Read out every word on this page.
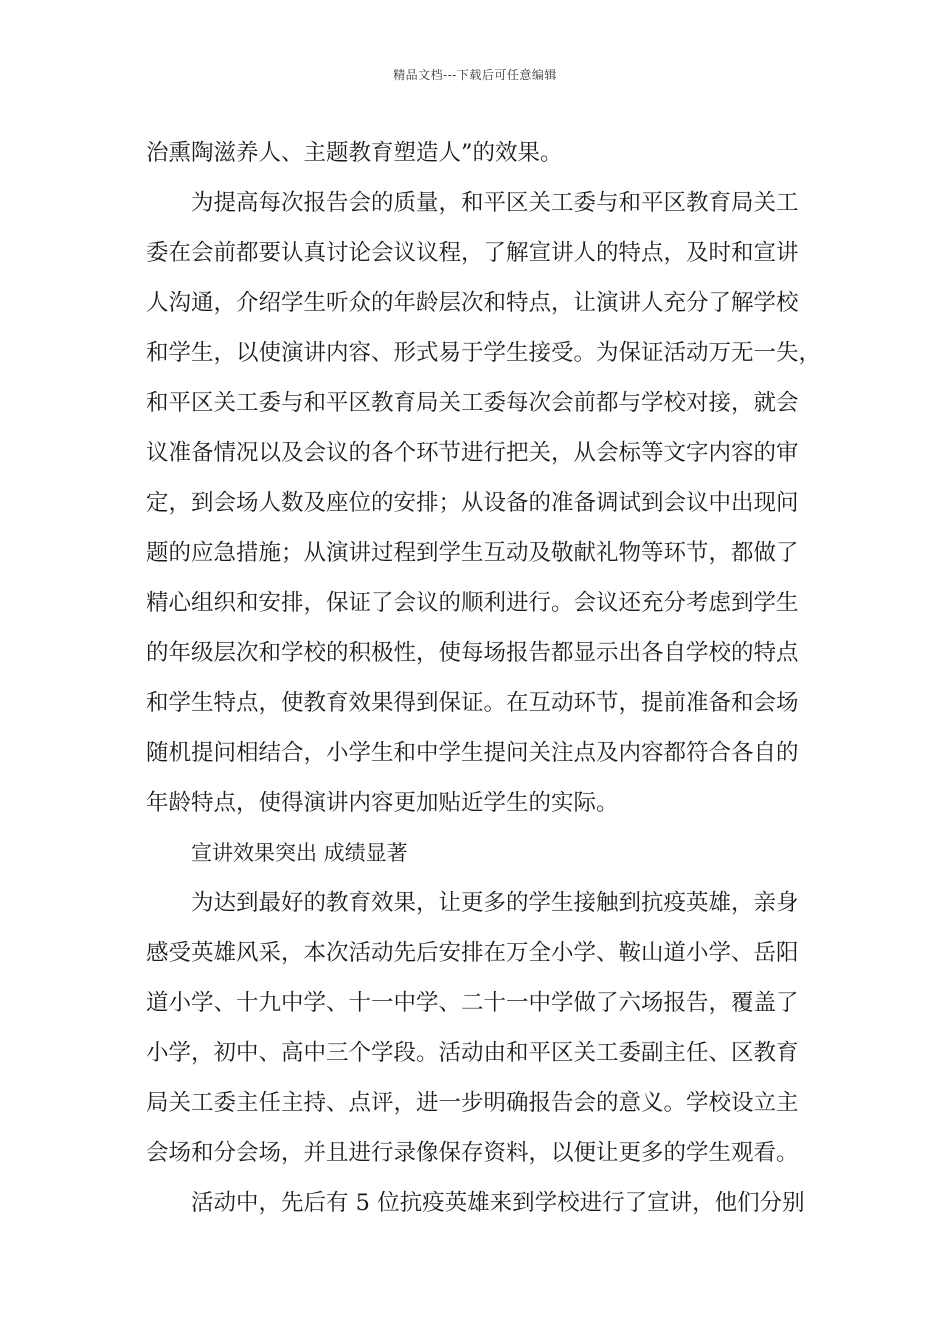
精品文档---下载后可任意编辑
治熏陶滋养人、主题教育塑造人”的效果。
为提高每次报告会的质量，和平区关工委与和平区教育局关工
委在会前都要认真讨论会议议程，了解宣讲人的特点，及时和宣讲
人沟通，介绍学生听众的年龄层次和特点，让演讲人充分了解学校
和学生，以使演讲内容、形式易于学生接受。为保证活动万无一失，
和平区关工委与和平区教育局关工委每次会前都与学校对接，就会
议准备情况以及会议的各个环节进行把关，从会标等文字内容的审
定，到会场人数及座位的安排；从设备的准备调试到会议中出现问
题的应急措施；从演讲过程到学生互动及敬献礼物等环节，都做了
精心组织和安排，保证了会议的顺利进行。会议还充分考虑到学生
的年级层次和学校的积极性，使每场报告都显示出各自学校的特点
和学生特点，使教育效果得到保证。在互动环节，提前准备和会场
随机提问相结合，小学生和中学生提问关注点及内容都符合各自的
年龄特点，使得演讲内容更加贴近学生的实际。
宣讲效果突出 成绩显著
为达到最好的教育效果，让更多的学生接触到抗疫英雄，亲身
感受英雄风采，本次活动先后安排在万全小学、鞍山道小学、岳阳
道小学、十九中学、十一中学、二十一中学做了六场报告，覆盖了
小学，初中、高中三个学段。活动由和平区关工委副主任、区教育
局关工委主任主持、点评，进一步明确报告会的意义。学校设立主
会场和分会场，并且进行录像保存资料，以便让更多的学生观看。
活动中，先后有 5 位抗疫英雄来到学校进行了宣讲，他们分别
